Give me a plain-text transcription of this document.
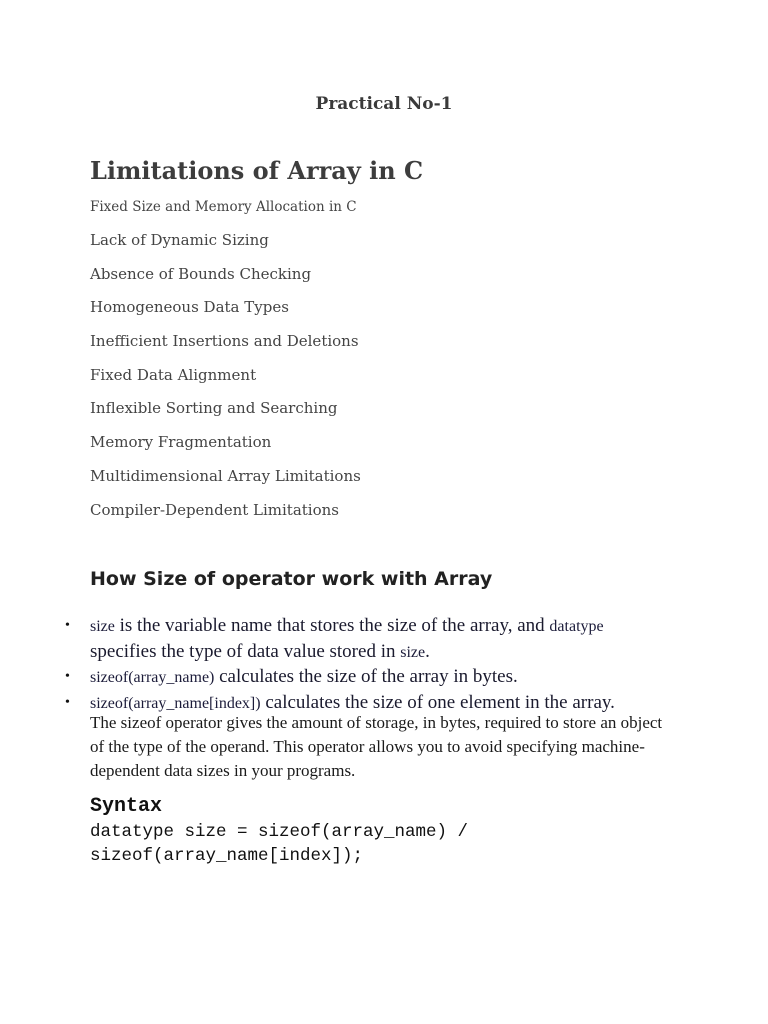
Practical No-1
Limitations of Array in C
Fixed Size and Memory Allocation in C
Lack of Dynamic Sizing
Absence of Bounds Checking
Homogeneous Data Types
Inefficient Insertions and Deletions
Fixed Data Alignment
Inflexible Sorting and Searching
Memory Fragmentation
Multidimensional Array Limitations
Compiler-Dependent Limitations
How Size of operator work with Array
• size is the variable name that stores the size of the array, and datatype specifies the type of data value stored in size.
• sizeof(array_name) calculates the size of the array in bytes.
• sizeof(array_name[index]) calculates the size of one element in the array.

The sizeof operator gives the amount of storage, in bytes, required to store an object of the type of the operand. This operator allows you to avoid specifying machine-dependent data sizes in your programs.

Syntax
datatype size = sizeof(array_name) / sizeof(array_name[index]);
